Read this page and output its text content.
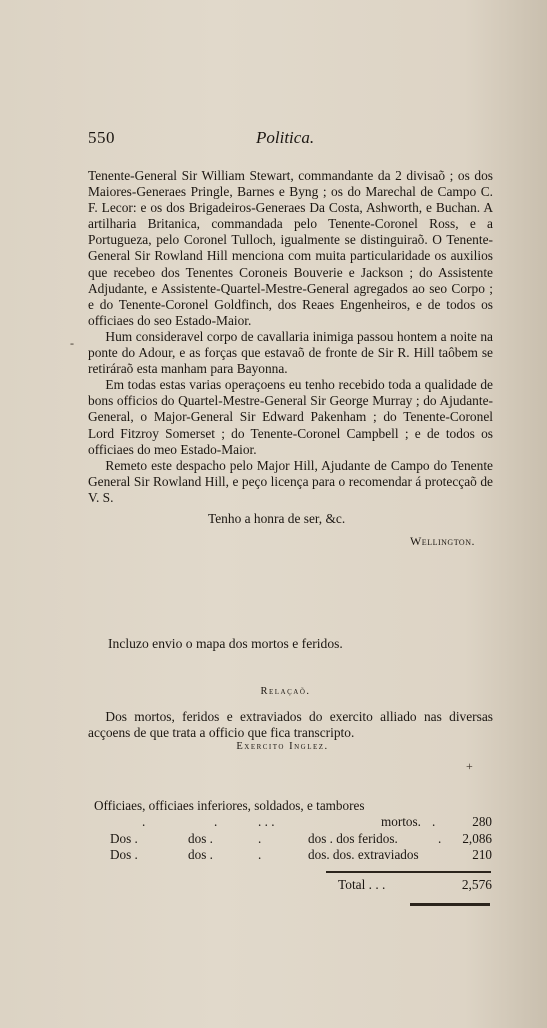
550	Politica.

Tenente-General Sir William Stewart, commandante da 2 divisaõ ; os dos Maiores-Generaes Pringle, Barnes e Byng ; os do Marechal de Campo C. F. Lecor: e os dos Brigadeiros-Generaes Da Costa, Ashworth, e Buchan. A artilharia Britanica, commandada pelo Tenente-Coronel Ross, e a Portugueza, pelo Coronel Tulloch, igualmente se distinguiraõ. O Tenente-General Sir Rowland Hill menciona com muita particularidade os auxilios que recebeo dos Tenentes Coroneis Bouverie e Jackson ; do Assistente Adjudante, e Assistente-Quartel-Mestre-General agregados ao seo Corpo ; e do Tenente-Coronel Goldfinch, dos Reaes Engenheiros, e de todos os officiaes do seo Estado-Maior.

Hum consideravel corpo de cavallaria inimiga passou hontem a noite na ponte do Adour, e as forças que estavaõ de fronte de Sir R. Hill taôbem se retiráraõ esta manham para Bayonna.

Em todas estas varias operaçoens eu tenho recebido toda a qualidade de bons officios do Quartel-Mestre-General Sir George Murray ; do Ajudante-General, o Major-General Sir Edward Pakenham ; do Tenente-Coronel Lord Fitzroy Somerset ; do Tenente-Coronel Campbell ; e de todos os officiaes do meo Estado-Maior.

Remeto este despacho pelo Major Hill, Ajudante de Campo do Tenente General Sir Rowland Hill, e peço licença para o recomendar á protecçaõ de V. S.

Tenho a honra de ser, &c.

Wellington.

Incluzo envio o mapa dos mortos e feridos.
Relaçaõ.
Dos mortos, feridos e extraviados do exercito alliado nas diversas acçoens de que trata a officio que fica transcripto.
Exercito Inglez.

Officiaes, officiaes inferiores, soldados, e tambores

.	.	. . .	mortos. .	280
Dos .	dos .	.	dos . dos feridos.	. 2,086
Dos .	dos .	.	dos. dos. extraviados	210
Total . . .	2,576
+
-
